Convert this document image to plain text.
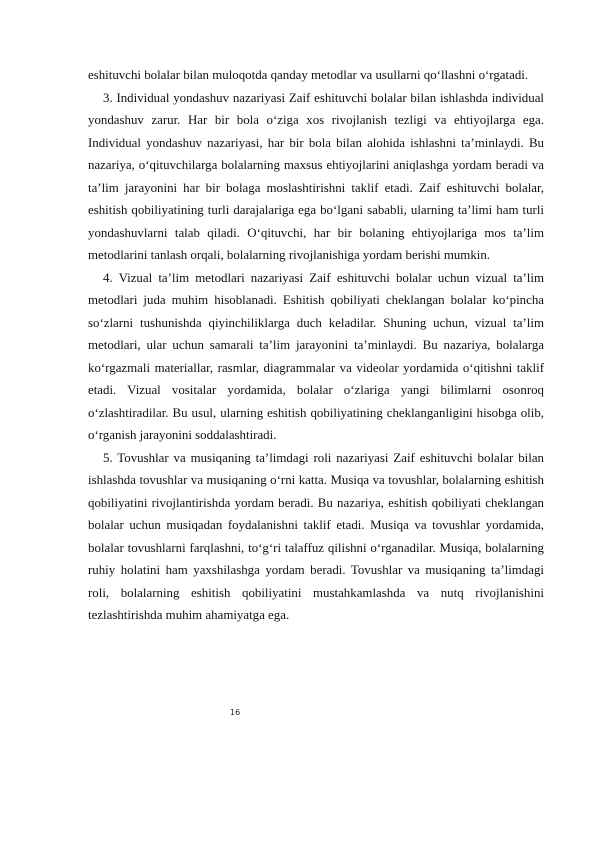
eshituvchi bolalar bilan muloqotda qanday metodlar va usullarni qo‘llashni o‘rgatadi.

3. Individual yondashuv nazariyasi Zaif eshituvchi bolalar bilan ishlashda individual yondashuv zarur. Har bir bola o‘ziga xos rivojlanish tezligi va ehtiyojlarga ega. Individual yondashuv nazariyasi, har bir bola bilan alohida ishlashni ta’minlaydi. Bu nazariya, o‘qituvchilarga bolalarning maxsus ehtiyojlarini aniqlashga yordam beradi va ta’lim jarayonini har bir bolaga moslashtirishni taklif etadi. Zaif eshituvchi bolalar, eshitish qobiliyatining turli darajalariga ega bo‘lgani sababli, ularning ta’limi ham turli yondashuvlarni talab qiladi. O‘qituvchi, har bir bolaning ehtiyojlariga mos ta’lim metodlarini tanlash orqali, bolalarning rivojlanishiga yordam berishi mumkin.

4. Vizual ta’lim metodlari nazariyasi Zaif eshituvchi bolalar uchun vizual ta’lim metodlari juda muhim hisoblanadi. Eshitish qobiliyati cheklangan bolalar ko‘pincha so‘zlarni tushunishda qiyinchiliklarga duch keladilar. Shuning uchun, vizual ta’lim metodlari, ular uchun samarali ta’lim jarayonini ta’minlaydi. Bu nazariya, bolalarga ko‘rgazmali materiallar, rasmlar, diagrammalar va videolar yordamida o‘qitishni taklif etadi. Vizual vositalar yordamida, bolalar o‘zlariga yangi bilimlarni osonroq o‘zlashtiradilar. Bu usul, ularning eshitish qobiliyatining cheklanganligini hisobga olib, o‘rganish jarayonini soddalashtiradi.

5. Tovushlar va musiqaning ta’limdagi roli nazariyasi Zaif eshituvchi bolalar bilan ishlashda tovushlar va musiqaning o‘rni katta. Musiqa va tovushlar, bolalarning eshitish qobiliyatini rivojlantirishda yordam beradi. Bu nazariya, eshitish qobiliyati cheklangan bolalar uchun musiqadan foydalanishni taklif etadi. Musiqa va tovushlar yordamida, bolalar tovushlarni farqlashni, to‘g‘ri talaffuz qilishni o‘rganadilar. Musiqa, bolalarning ruhiy holatini ham yaxshilashga yordam beradi. Tovushlar va musiqaning ta’limdagi roli, bolalarning eshitish qobiliyatini mustahkamlashda va nutq rivojlanishini tezlashtirishda muhim ahamiyatga ega.

16
